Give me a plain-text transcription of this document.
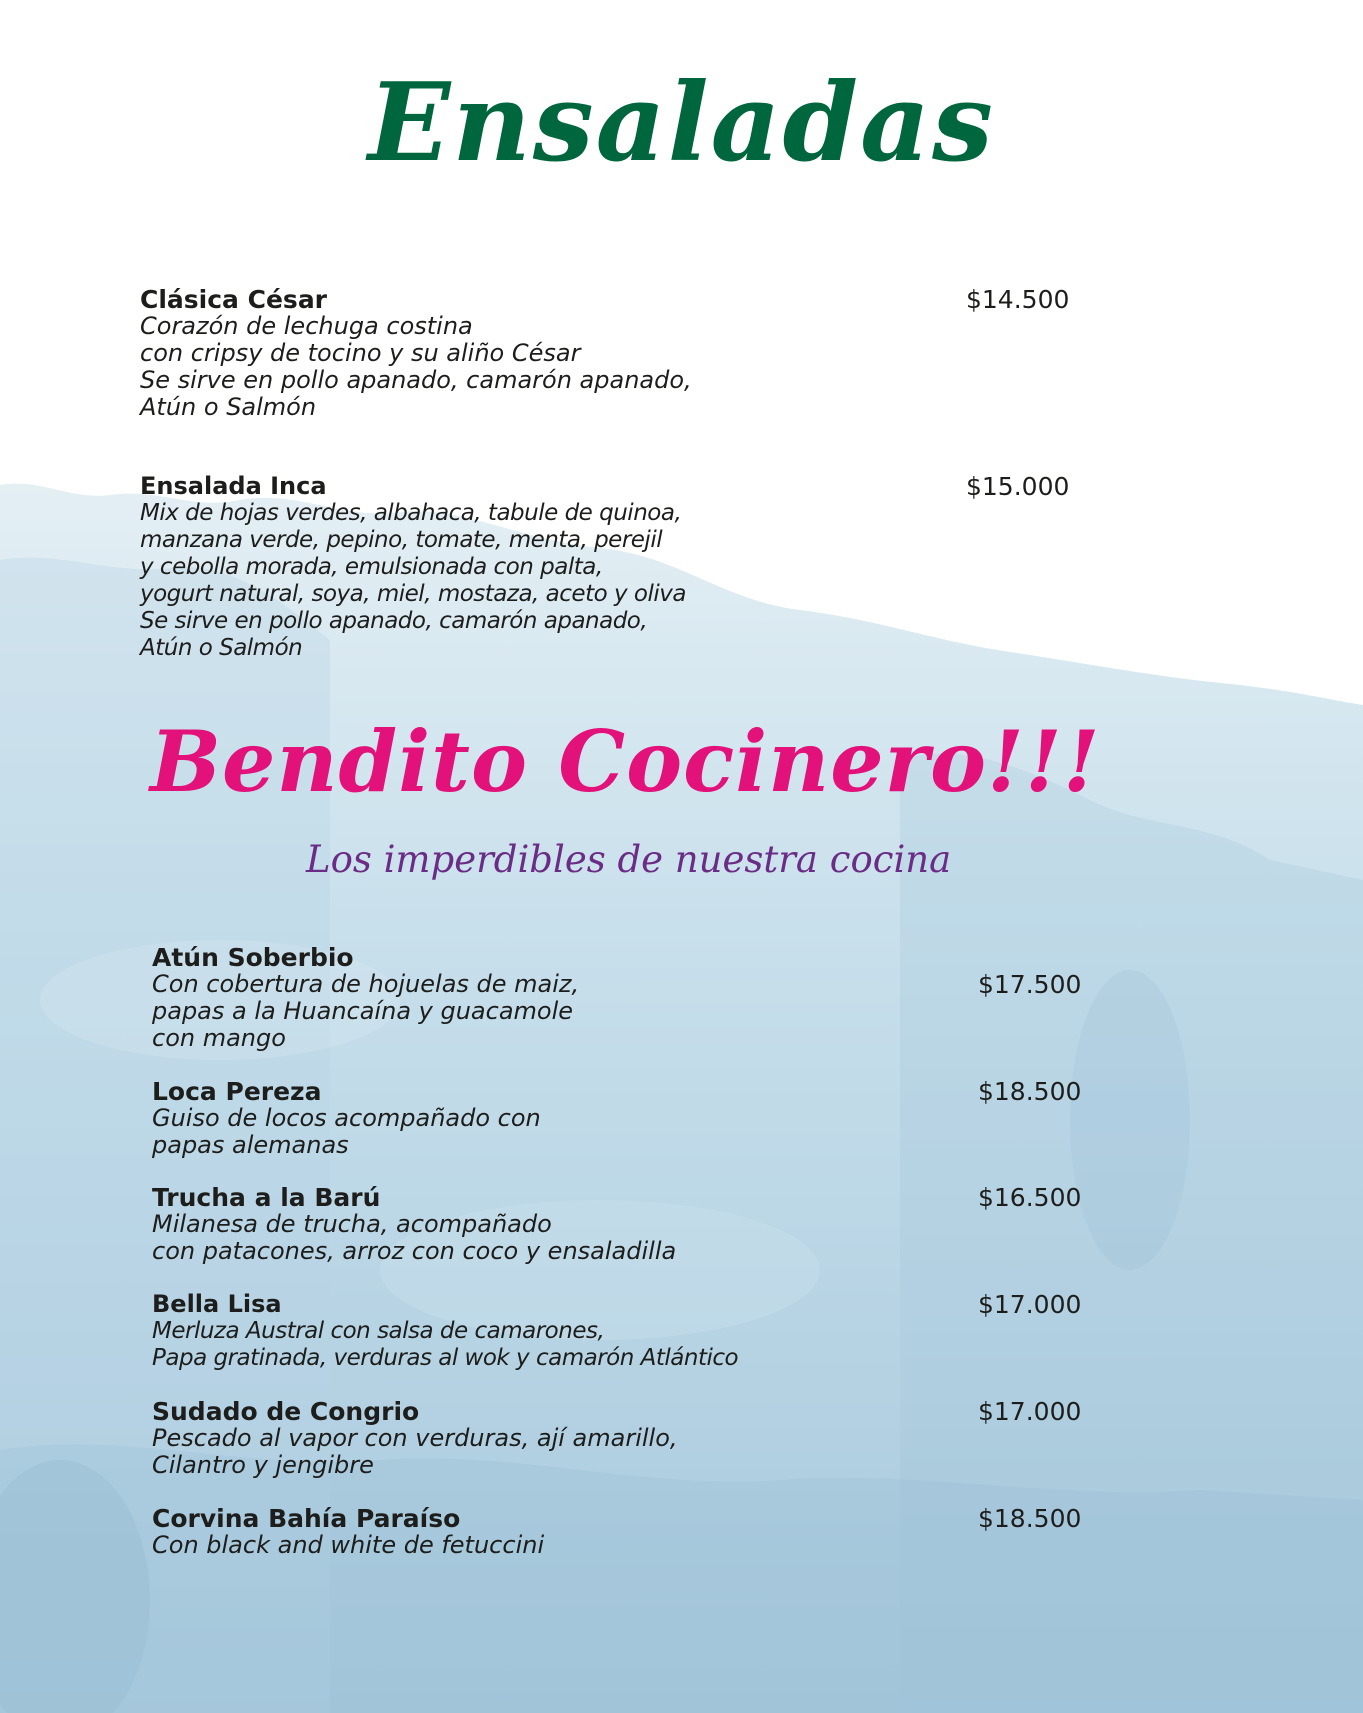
Ensaladas
Clásica César
Corazón de lechuga costina
con cripsy de tocino y su aliño César
Se sirve en pollo apanado, camarón apanado,
Atún o Salmón
$14.500
Ensalada Inca
Mix de hojas verdes, albahaca, tabule de quinoa,
manzana verde, pepino, tomate, menta, perejil
y cebolla morada, emulsionada con palta,
yogurt natural, soya, miel, mostaza, aceto y oliva
Se sirve en pollo apanado, camarón apanado,
Atún o Salmón
$15.000
Bendito Cocinero!!!
Los imperdibles de nuestra cocina
Atún Soberbio
Con cobertura de hojuelas de maiz,
papas a la Huancaína y guacamole
con mango
$17.500
Loca Pereza
Guiso de locos acompañado con
papas alemanas
$18.500
Trucha a la Barú
Milanesa de trucha, acompañado
con patacones, arroz con coco y ensaladilla
$16.500
Bella Lisa
Merluza Austral con salsa de camarones,
Papa gratinada, verduras al wok y camarón Atlántico
$17.000
Sudado de Congrio
Pescado al vapor con verduras, ají amarillo,
Cilantro y jengibre
$17.000
Corvina Bahía Paraíso
Con black and white de fetuccini
$18.500
